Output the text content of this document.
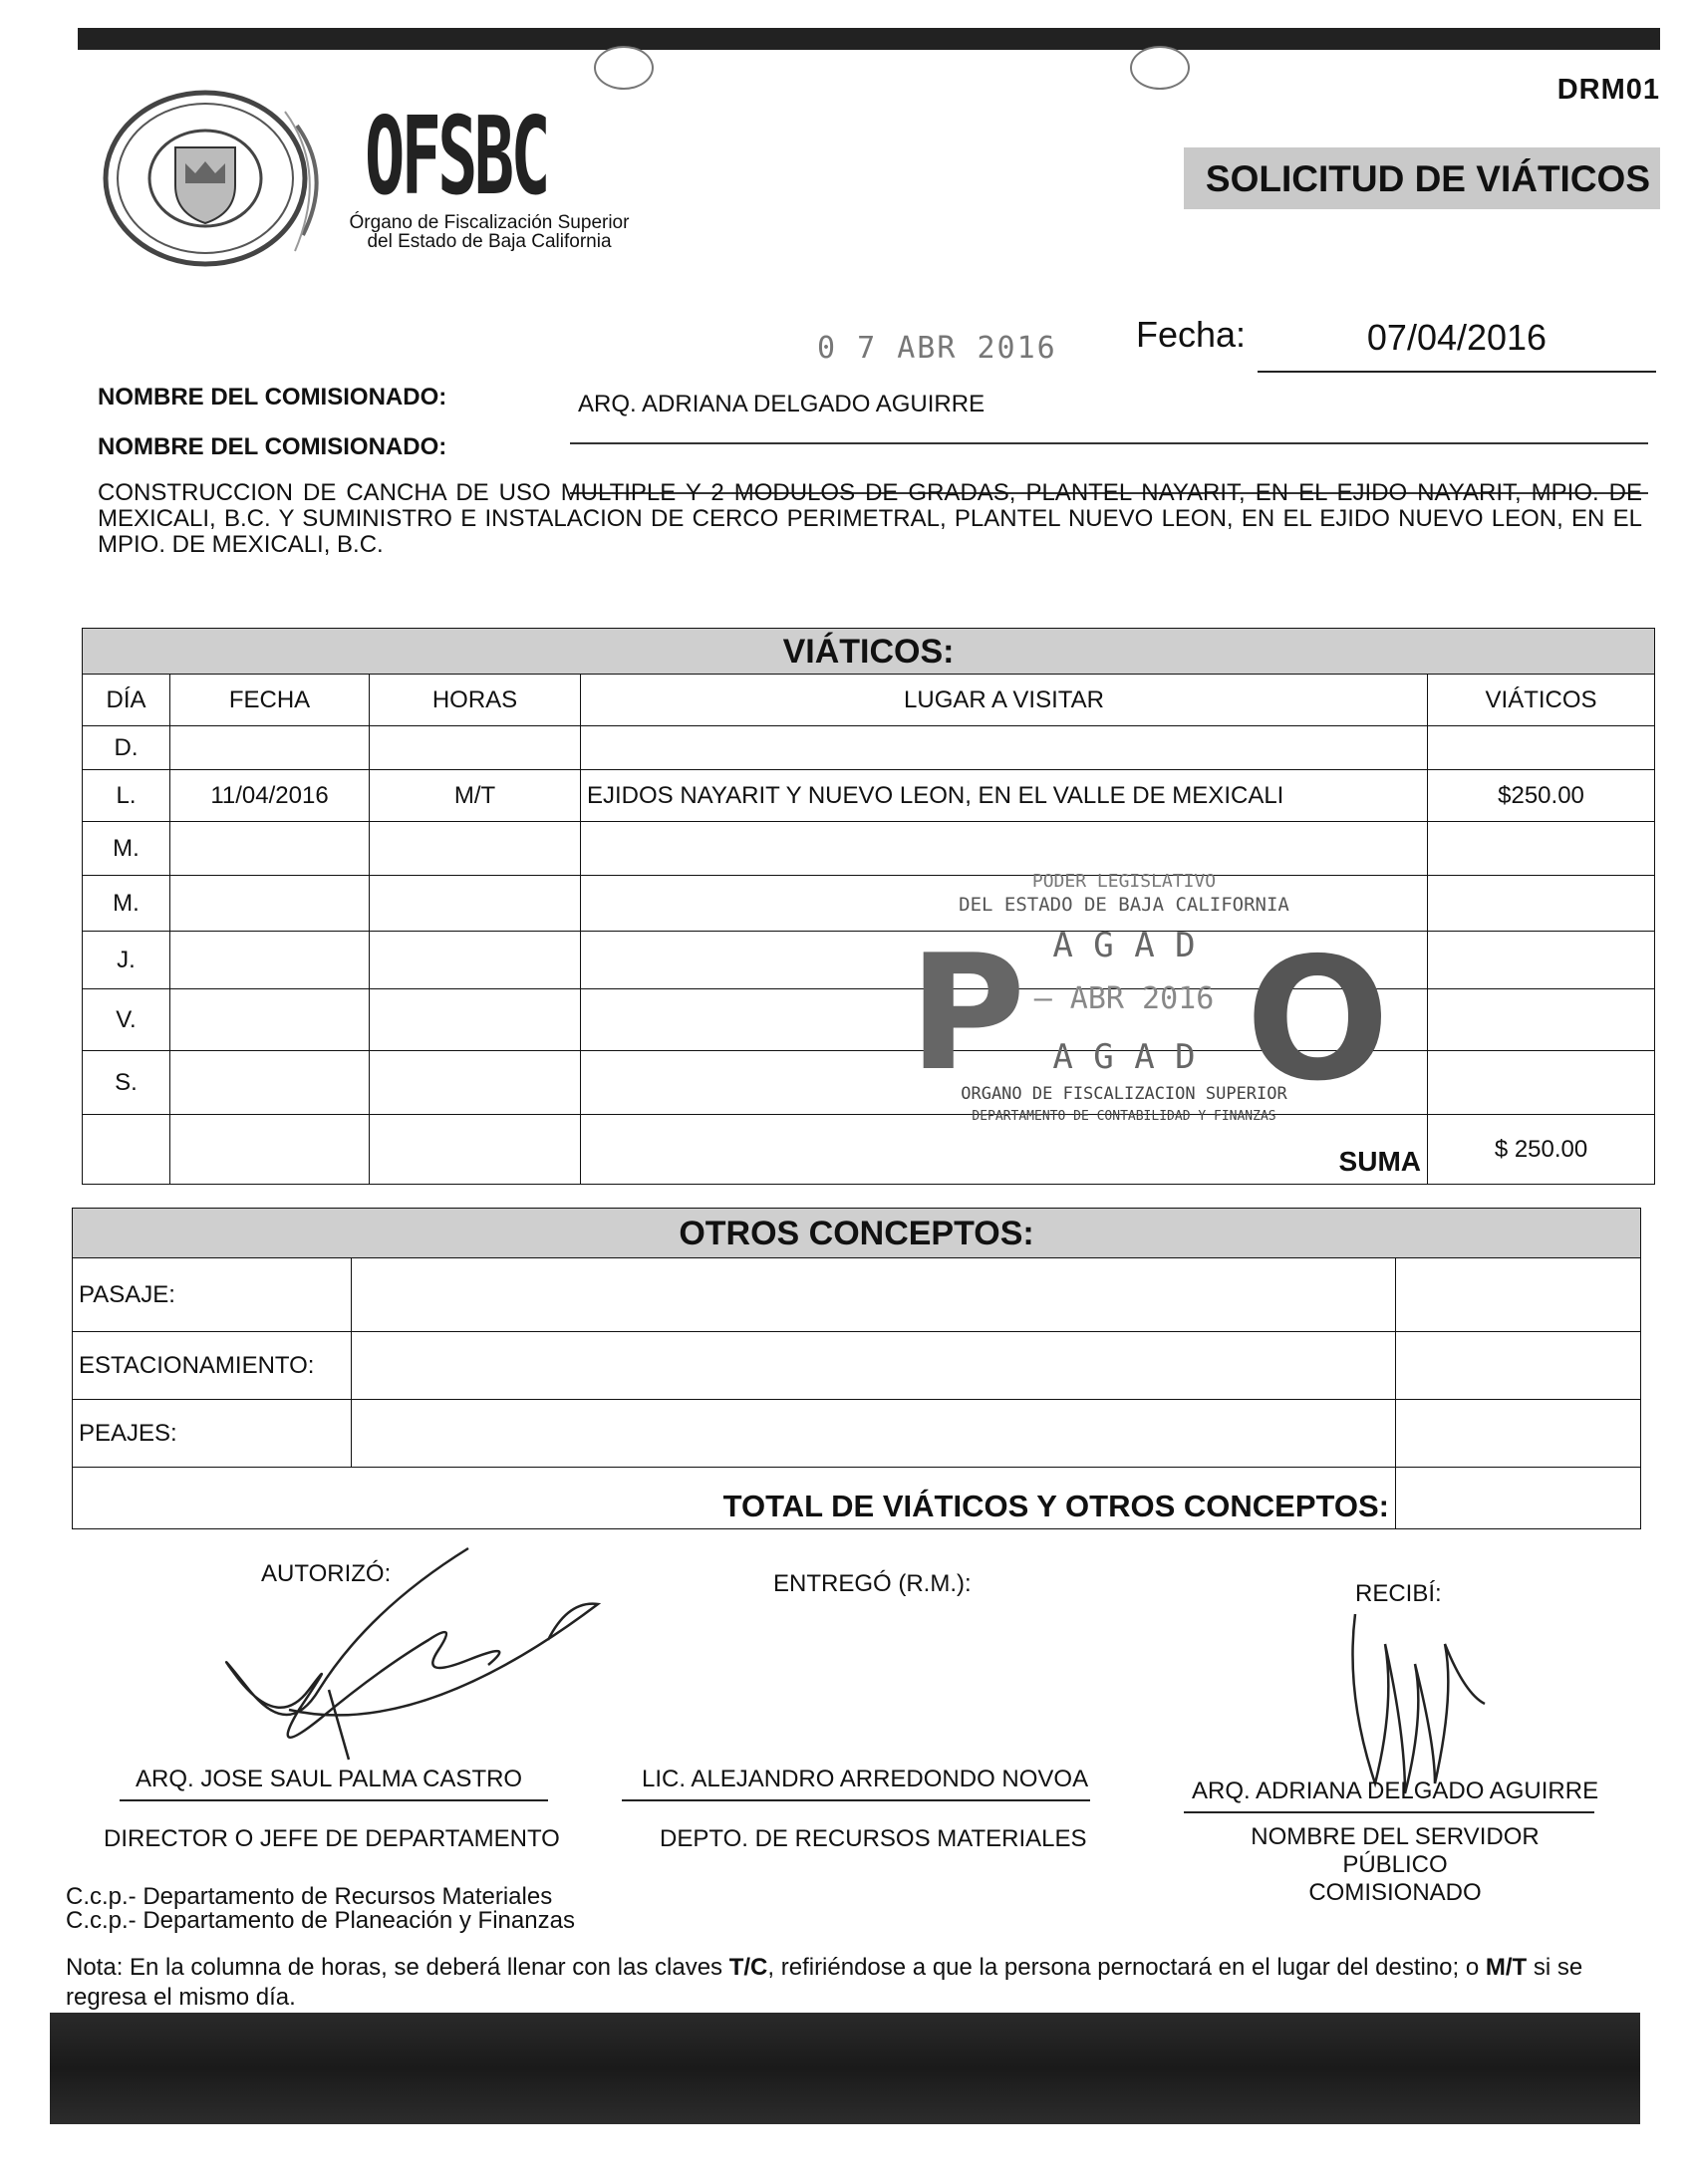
DRM01
SOLICITUD DE VIÁTICOS
OFSBC
Órgano de Fiscalización Superior
del Estado de Baja California
0 7 ABR 2016 Fecha:	07/04/2016
NOMBRE DEL COMISIONADO:	ARQ. ADRIANA DELGADO AGUIRRE
NOMBRE DEL COMISIONADO:
CONSTRUCCION DE CANCHA DE USO MULTIPLE Y 2 MODULOS DE GRADAS, PLANTEL NAYARIT, EN EL EJIDO NAYARIT, MPIO. DE MEXICALI, B.C. Y SUMINISTRO E INSTALACION DE CERCO PERIMETRAL, PLANTEL NUEVO LEON, EN EL EJIDO NUEVO LEON, EN EL MPIO. DE MEXICALI, B.C.
VIÁTICOS:				

DÍA	FECHA	HORAS	LUGAR A VISITAR	VIÁTICOS
D.				
L.	11/04/2016	M/T	EJIDOS NAYARIT Y NUEVO LEON, EN EL VALLE DE MEXICALI	$250.00
M.				
M.				
J.				
V.				
S.				
			SUMA	$ 250.00
PODER LEGISLATIVO
DEL ESTADO DE BAJA CALIFORNIA
P O
A G A D
— ABR 2016
A G A D
ORGANO DE FISCALIZACION SUPERIOR
DEPARTAMENTO DE CONTABILIDAD Y FINANZAS
OTROS CONCEPTOS:		

PASAJE:		
ESTACIONAMIENTO:		
PEAJES:		
TOTAL DE VIÁTICOS Y OTROS CONCEPTOS:		
AUTORIZÓ:
ARQ. JOSE SAUL PALMA CASTRO
DIRECTOR O JEFE DE DEPARTAMENTO
ENTREGÓ (R.M.):
LIC. ALEJANDRO ARREDONDO NOVOA
DEPTO. DE RECURSOS MATERIALES
RECIBÍ:
ARQ. ADRIANA DELGADO AGUIRRE
NOMBRE DEL SERVIDOR PÚBLICO
COMISIONADO
C.c.p.- Departamento de Recursos Materiales
C.c.p.- Departamento de Planeación y Finanzas
Nota: En la columna de horas, se deberá llenar con las claves T/C, refiriéndose a que la persona pernoctará en el lugar del destino; o M/T si se regresa el mismo día.
